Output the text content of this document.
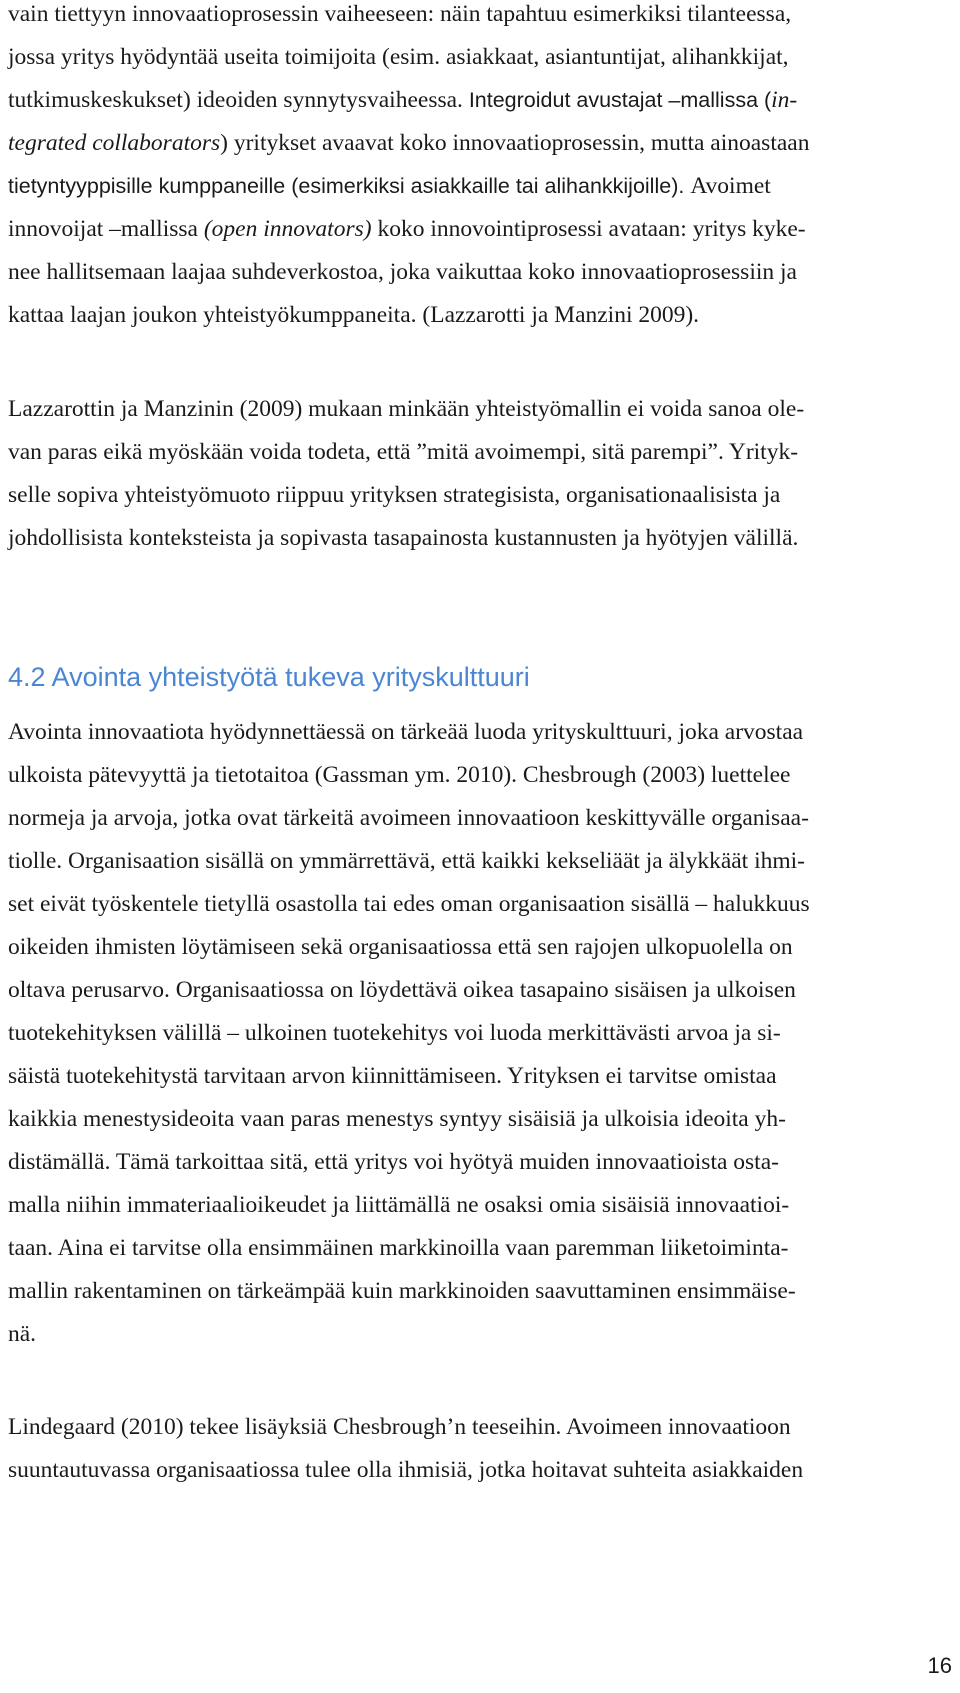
vain tiettyyn innovaatioprosessin vaiheeseen: näin tapahtuu esimerkiksi tilanteessa,
jossa yritys hyödyntää useita toimijoita (esim. asiakkaat, asiantuntijat, alihankkijat,
tutkimuskeskukset) ideoiden synnytysvaiheessa. Integroidut avustajat –mallissa (in-
tegrated collaborators) yritykset avaavat koko innovaatioprosessin, mutta ainoastaan
tietyntyyppisille kumppaneille (esimerkiksi asiakkaille tai alihankkijoille). Avoimet
innovoijat –mallissa (open innovators) koko innovointiprosessi avataan: yritys kyke-
nee hallitsemaan laajaa suhdeverkostoa, joka vaikuttaa koko innovaatioprosessiin ja
kattaa laajan joukon yhteistyökumppaneita. (Lazzarotti ja Manzini 2009).
Lazzarottin ja Manzinin (2009) mukaan minkään yhteistyömallin ei voida sanoa ole-
van paras eikä myöskään voida todeta, että ”mitä avoimempi, sitä parempi”. Yrityk-
selle sopiva yhteistyömuoto riippuu yrityksen strategisista, organisationaalisista ja
johdollisista konteksteista ja sopivasta tasapainosta kustannusten ja hyötyjen välillä.
4.2 Avointa yhteistyötä tukeva yrityskulttuuri
Avointa innovaatiota hyödynnettäessä on tärkeää luoda yrityskulttuuri, joka arvostaa
ulkoista pätevyyttä ja tietotaitoa (Gassman ym. 2010). Chesbrough (2003) luettelee
normeja ja arvoja, jotka ovat tärkeitä avoimeen innovaatioon keskittyvälle organisaa-
tiolle. Organisaation sisällä on ymmärrettävä, että kaikki kekseliäät ja älykkäät ihmi-
set eivät työskentele tietyllä osastolla tai edes oman organisaation sisällä – halukkuus
oikeiden ihmisten löytämiseen sekä organisaatiossa että sen rajojen ulkopuolella on
oltava perusarvo. Organisaatiossa on löydettävä oikea tasapaino sisäisen ja ulkoisen
tuotekehityksen välillä – ulkoinen tuotekehitys voi luoda merkittävästi arvoa ja si-
säistä tuotekehitystä tarvitaan arvon kiinnittämiseen. Yrityksen ei tarvitse omistaa
kaikkia menestysideoita vaan paras menestys syntyy sisäisiä ja ulkoisia ideoita yh-
distämällä. Tämä tarkoittaa sitä, että yritys voi hyötyä muiden innovaatioista osta-
malla niihin immateriaalioikeudet ja liittämällä ne osaksi omia sisäisiä innovaatioi-
taan. Aina ei tarvitse olla ensimmäinen markkinoilla vaan paremman liiketoiminta-
mallin rakentaminen on tärkeämpää kuin markkinoiden saavuttaminen ensimmäise-
nä.
Lindegaard (2010) tekee lisäyksiä Chesbrough’n teeseihin. Avoimeen innovaatioon
suuntautuvassa organisaatiossa tulee olla ihmisiä, jotka hoitavat suhteita asiakkaiden
16
